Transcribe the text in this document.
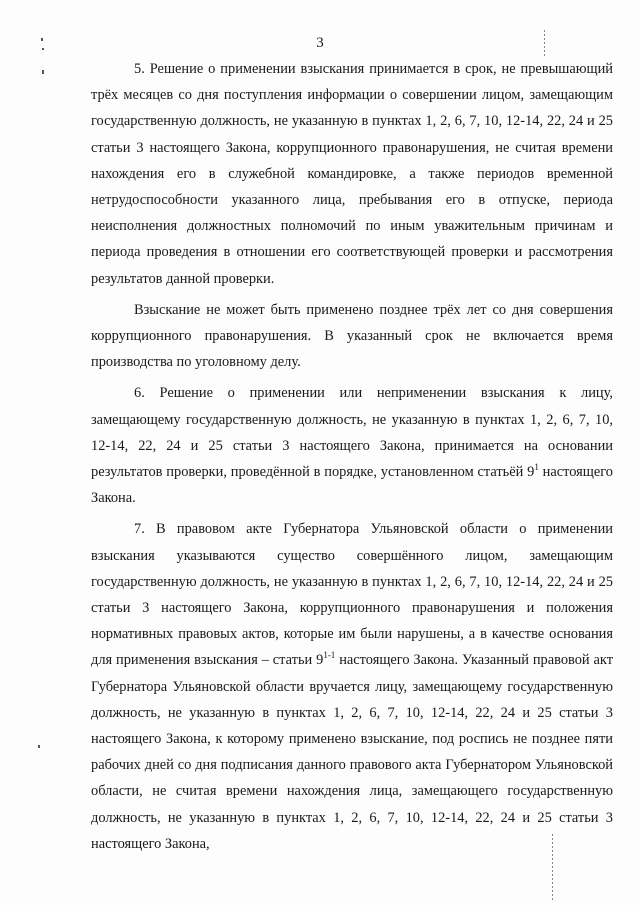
3

5. Решение о применении взыскания принимается в срок, не превышающий трёх месяцев со дня поступления информации о совершении лицом, замещающим государственную должность, не указанную в пунктах 1, 2, 6, 7, 10, 12-14, 22, 24 и 25 статьи 3 настоящего Закона, коррупционного правонарушения, не считая времени нахождения его в служебной командировке, а также периодов временной нетрудоспособности указанного лица, пребывания его в отпуске, периода неисполнения должностных полномочий по иным уважительным причинам и периода проведения в отношении его соответствующей проверки и рассмотрения результатов данной проверки.

Взыскание не может быть применено позднее трёх лет со дня совершения коррупционного правонарушения. В указанный срок не включается время производства по уголовному делу.

6. Решение о применении или неприменении взыскания к лицу, замещающему государственную должность, не указанную в пунктах 1, 2, 6, 7, 10, 12-14, 22, 24 и 25 статьи 3 настоящего Закона, принимается на основании результатов проверки, проведённой в порядке, установленном статьёй $9^1$ настоящего Закона.

7. В правовом акте Губернатора Ульяновской области о применении взыскания указываются существо совершённого лицом, замещающим государственную должность, не указанную в пунктах 1, 2, 6, 7, 10, 12-14, 22, 24 и 25 статьи 3 настоящего Закона, коррупционного правонарушения и положения нормативных правовых актов, которые им были нарушены, а в качестве основания для применения взыскания – статьи 9$^{1-1}$ настоящего Закона. Указанный правовой акт Губернатора Ульяновской области вручается лицу, замещающему государственную должность, не указанную в пунктах 1, 2, 6, 7, 10, 12-14, 22, 24 и 25 статьи 3 настоящего Закона, к которому применено взыскание, под роспись не позднее пяти рабочих дней со дня подписания данного правового акта Губернатором Ульяновской области, не считая времени нахождения лица, замещающего государственную должность, не указанную в пунктах 1, 2, 6, 7, 10, 12-14, 22, 24 и 25 статьи 3 настоящего Закона,
